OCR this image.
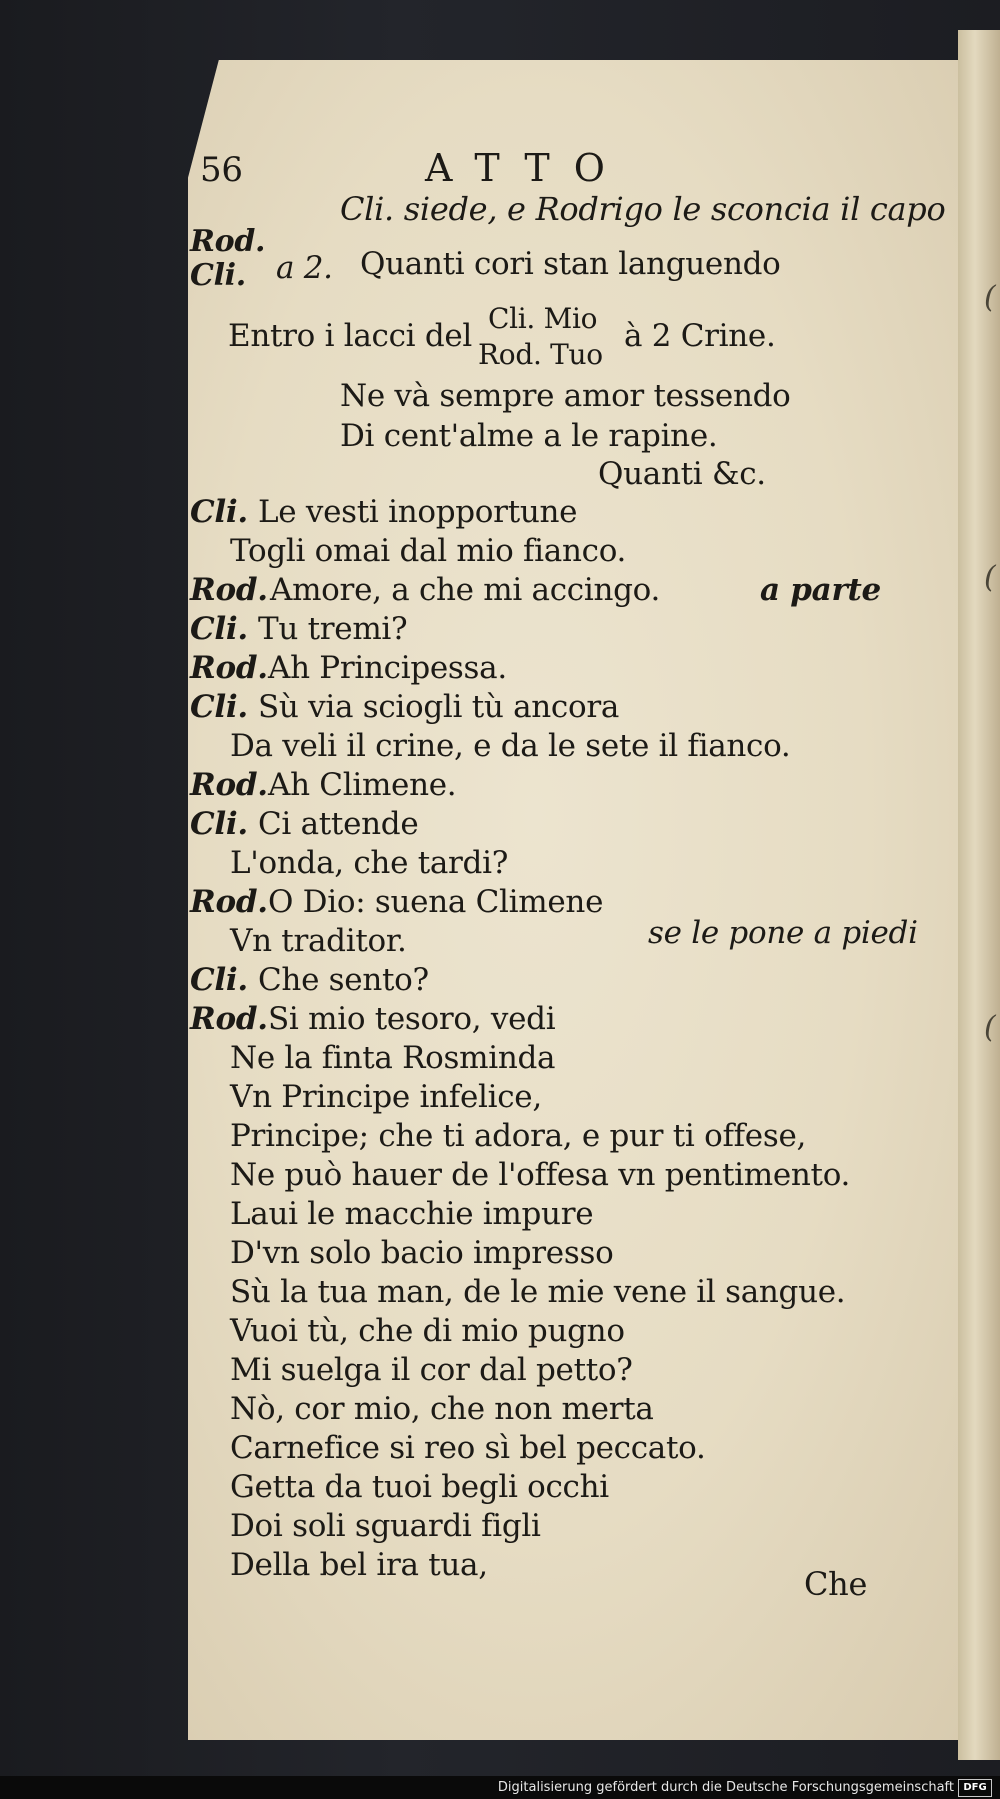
(
(
(
56	ATTO
Cli. siede, e Rodrigo le sconcia il capo
Rod.
Cli. a 2. Quanti cori stan languendo
Entro i lacci del Cli. Mio
Rod. Tuo
à 2 Crine.
Ne và sempre amor tessendo
Di cent'alme a le rapine.
Quanti &c.
Cli. Le vesti inopportune
Togli omai dal mio fianco.
Rod. Amore, a che mi accingo.	a parte
Cli. Tu tremi?
Rod. Ah Principessa.
Cli. Sù via sciogli tù ancora
Da veli il crine, e da le sete il fianco.
Rod. Ah Climene.
Cli. Ci attende
L'onda, che tardi?
Rod. O Dio: suena Climene
Vn traditor.	se le pone a piedi
Cli. Che sento?
Rod. Si mio tesoro, vedi
Ne la finta Rosminda
Vn Principe infelice,
Principe; che ti adora, e pur ti offese,
Ne può hauer de l'offesa vn pentimento.
Laui le macchie impure
D'vn solo bacio impresso
Sù la tua man, de le mie vene il sangue.
Vuoi tù, che di mio pugno
Mi suelga il cor dal petto?
Nò, cor mio, che non merta
Carnefice si reo sì bel peccato.
Getta da tuoi begli occhi
Doi soli sguardi figli
Della bel ira tua,	Che
Digitalisierung gefördert durch die Deutsche Forschungsgemeinschaft DFG
